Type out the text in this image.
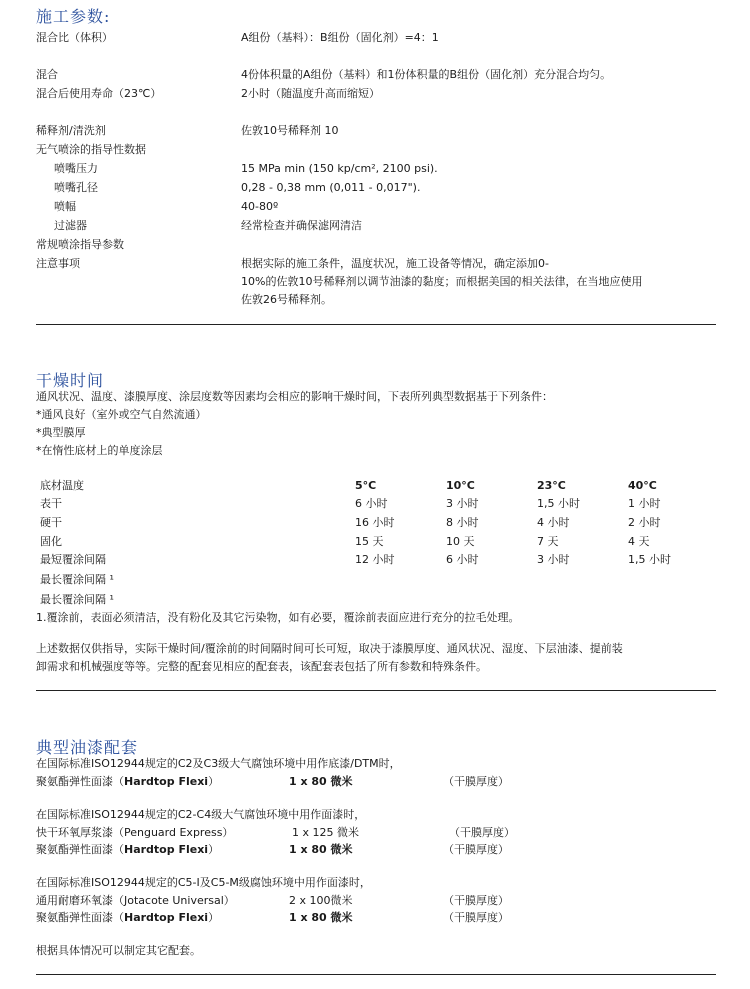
施工参数:
混合比（体积）	A组份（基料）：B组份（固化剂）=4：1
混合	4份体积量的A组份（基料）和1份体积量的B组份（固化剂）充分混合均匀。
混合后使用寿命（23℃）	2小时（随温度升高而缩短）
稀释剂/清洗剂	佐敦10号稀释剂 10
无气喷涂的指导性数据
喷嘴压力	15 MPa min (150 kp/cm², 2100 psi).
喷嘴孔径	0,28 - 0,38 mm (0,011 - 0,017").
喷幅	40-80º
过滤器	经常检查并确保滤网清洁
常规喷涂指导参数
注意事项	根据实际的施工条件，温度状况，施工设备等情况，确定添加0-
10%的佐敦10号稀释剂以调节油漆的黏度；而根据美国的相关法律，在当地应使用
佐敦26号稀释剂。
干燥时间
通风状况、温度、漆膜厚度、涂层度数等因素均会相应的影响干燥时间，下表所列典型数据基于下列条件：
*通风良好（室外或空气自然流通）
*典型膜厚
*在惰性底材上的单度涂层
底材温度	5°C	10°C	23°C	40°C
表干	6 小时	3 小时	1,5 小时	1 小时
硬干	16 小时	8 小时	4 小时	2 小时
固化	15 天	10 天	7 天	4 天
最短覆涂间隔	12 小时	6 小时	3 小时	1,5 小时
最长覆涂间隔 ¹
最长覆涂间隔 ¹
1.覆涂前，表面必须清洁，没有粉化及其它污染物，如有必要，覆涂前表面应进行充分的拉毛处理。
上述数据仅供指导，实际干燥时间/覆涂前的时间隔时间可长可短，取决于漆膜厚度、通风状况、湿度、下层油漆、提前装
卸需求和机械强度等等。完整的配套见相应的配套表，该配套表包括了所有参数和特殊条件。
典型油漆配套
在国际标准ISO12944规定的C2及C3级大气腐蚀环境中用作底漆/DTM时，
聚氨酯弹性面漆（Hardtop Flexi）	1 x 80 微米	（干膜厚度）
在国际标准ISO12944规定的C2-C4级大气腐蚀环境中用作面漆时，
快干环氧厚浆漆（Penguard Express）	1 x 125 微米	（干膜厚度）
聚氨酯弹性面漆（Hardtop Flexi）	1 x 80 微米	（干膜厚度）
在国际标准ISO12944规定的C5-I及C5-M级腐蚀环境中用作面漆时，
通用耐磨环氧漆（Jotacote Universal）	2 x 100微米	（干膜厚度）
聚氨酯弹性面漆（Hardtop Flexi）	1 x 80 微米	（干膜厚度）
根据具体情况可以制定其它配套。
